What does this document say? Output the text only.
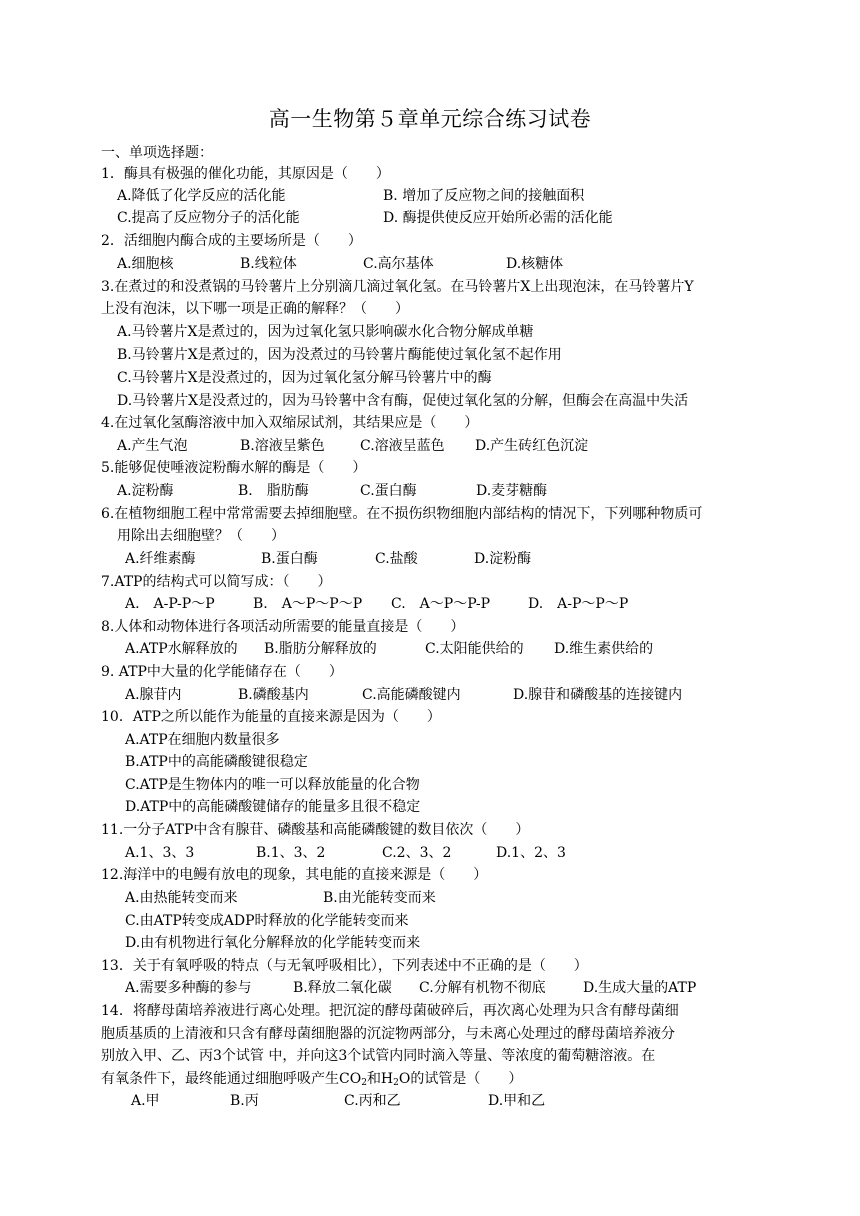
高一生物第５章单元综合练习试卷
一、单项选择题：
1．酶具有极强的催化功能，其原因是（　　）
A.降低了化学反应的活化能	B. 增加了反应物之间的接触面积
C.提高了反应物分子的活化能	D. 酶提供使反应开始所必需的活化能
2．活细胞内酶合成的主要场所是（　　）
A.细胞核	B.线粒体	C.高尔基体	D.核糖体
3.在煮过的和没煮锅的马铃薯片上分别滴几滴过氧化氢。在马铃薯片X上出现泡沫，在马铃薯片Y
上没有泡沫，以下哪一项是正确的解释？（　　）
A.马铃薯片X是煮过的，因为过氧化氢只影响碳水化合物分解成单糖
B.马铃薯片X是煮过的，因为没煮过的马铃薯片酶能使过氧化氢不起作用
C.马铃薯片X是没煮过的，因为过氧化氢分解马铃薯片中的酶
D.马铃薯片X是没煮过的，因为马铃薯中含有酶，促使过氧化氢的分解，但酶会在高温中失活
4.在过氧化氢酶溶液中加入双缩尿试剂，其结果应是（　　）
A.产生气泡	B.溶液呈紫色	C.溶液呈蓝色 D.产生砖红色沉淀
5.能够促使唾液淀粉酶水解的酶是（　　）
A.淀粉酶	B.　脂肪酶	C.蛋白酶	D.麦芽糖酶
6.在植物细胞工程中常常需要去掉细胞壁。在不损伤织物细胞内部结构的情况下，下列哪种物质可
用除出去细胞壁？（　　）
A.纤维素酶	B.蛋白酶	C.盐酸	D.淀粉酶
7.ATP的结构式可以简写成：（　　）
A.　A-P-P～P	B.　A～P～P～P C.　A～P～P-P	D.　A-P～P～P
8.人体和动物体进行各项活动所需要的能量直接是（　　）
A.ATP水解释放的 B.脂肪分解释放的	C.太阳能供给的 D.维生素供给的
9. ATP中大量的化学能储存在（　　）
A.腺苷内	B.磷酸基内	C.高能磷酸键内	D.腺苷和磷酸基的连接键内
10．ATP之所以能作为能量的直接来源是因为（　　）
A.ATP在细胞内数量很多
B.ATP中的高能磷酸键很稳定
C.ATP是生物体内的唯一可以释放能量的化合物
D.ATP中的高能磷酸键储存的能量多且很不稳定
11.一分子ATP中含有腺苷、磷酸基和高能磷酸键的数目依次（　　）
A.1、3、3	B.1、3、2	C.2、3、2	D.1、2、3
12.海洋中的电鳗有放电的现象，其电能的直接来源是（　　）
A.由热能转变而来	B.由光能转变而来
C.由ATP转变成ADP时释放的化学能转变而来
D.由有机物进行氧化分解释放的化学能转变而来
13．关于有氧呼吸的特点（与无氧呼吸相比），下列表述中不正确的是（　　）
A.需要多种酶的参与	B.释放二氧化碳 C.分解有机物不彻底	D.生成大量的ATP
14．将酵母菌培养液进行离心处理。把沉淀的酵母菌破碎后，再次离心处理为只含有酵母菌细
胞质基质的上清液和只含有酵母菌细胞器的沉淀物两部分，与未离心处理过的酵母菌培养液分
别放入甲、乙、丙3个试管 中，并向这3个试管内同时滴入等量、等浓度的葡萄糖溶液。在
有氧条件下，最终能通过细胞呼吸产生$CO_2$和$H_2O$的试管是（　　）
A.甲	B.丙	C.丙和乙	D.甲和乙
